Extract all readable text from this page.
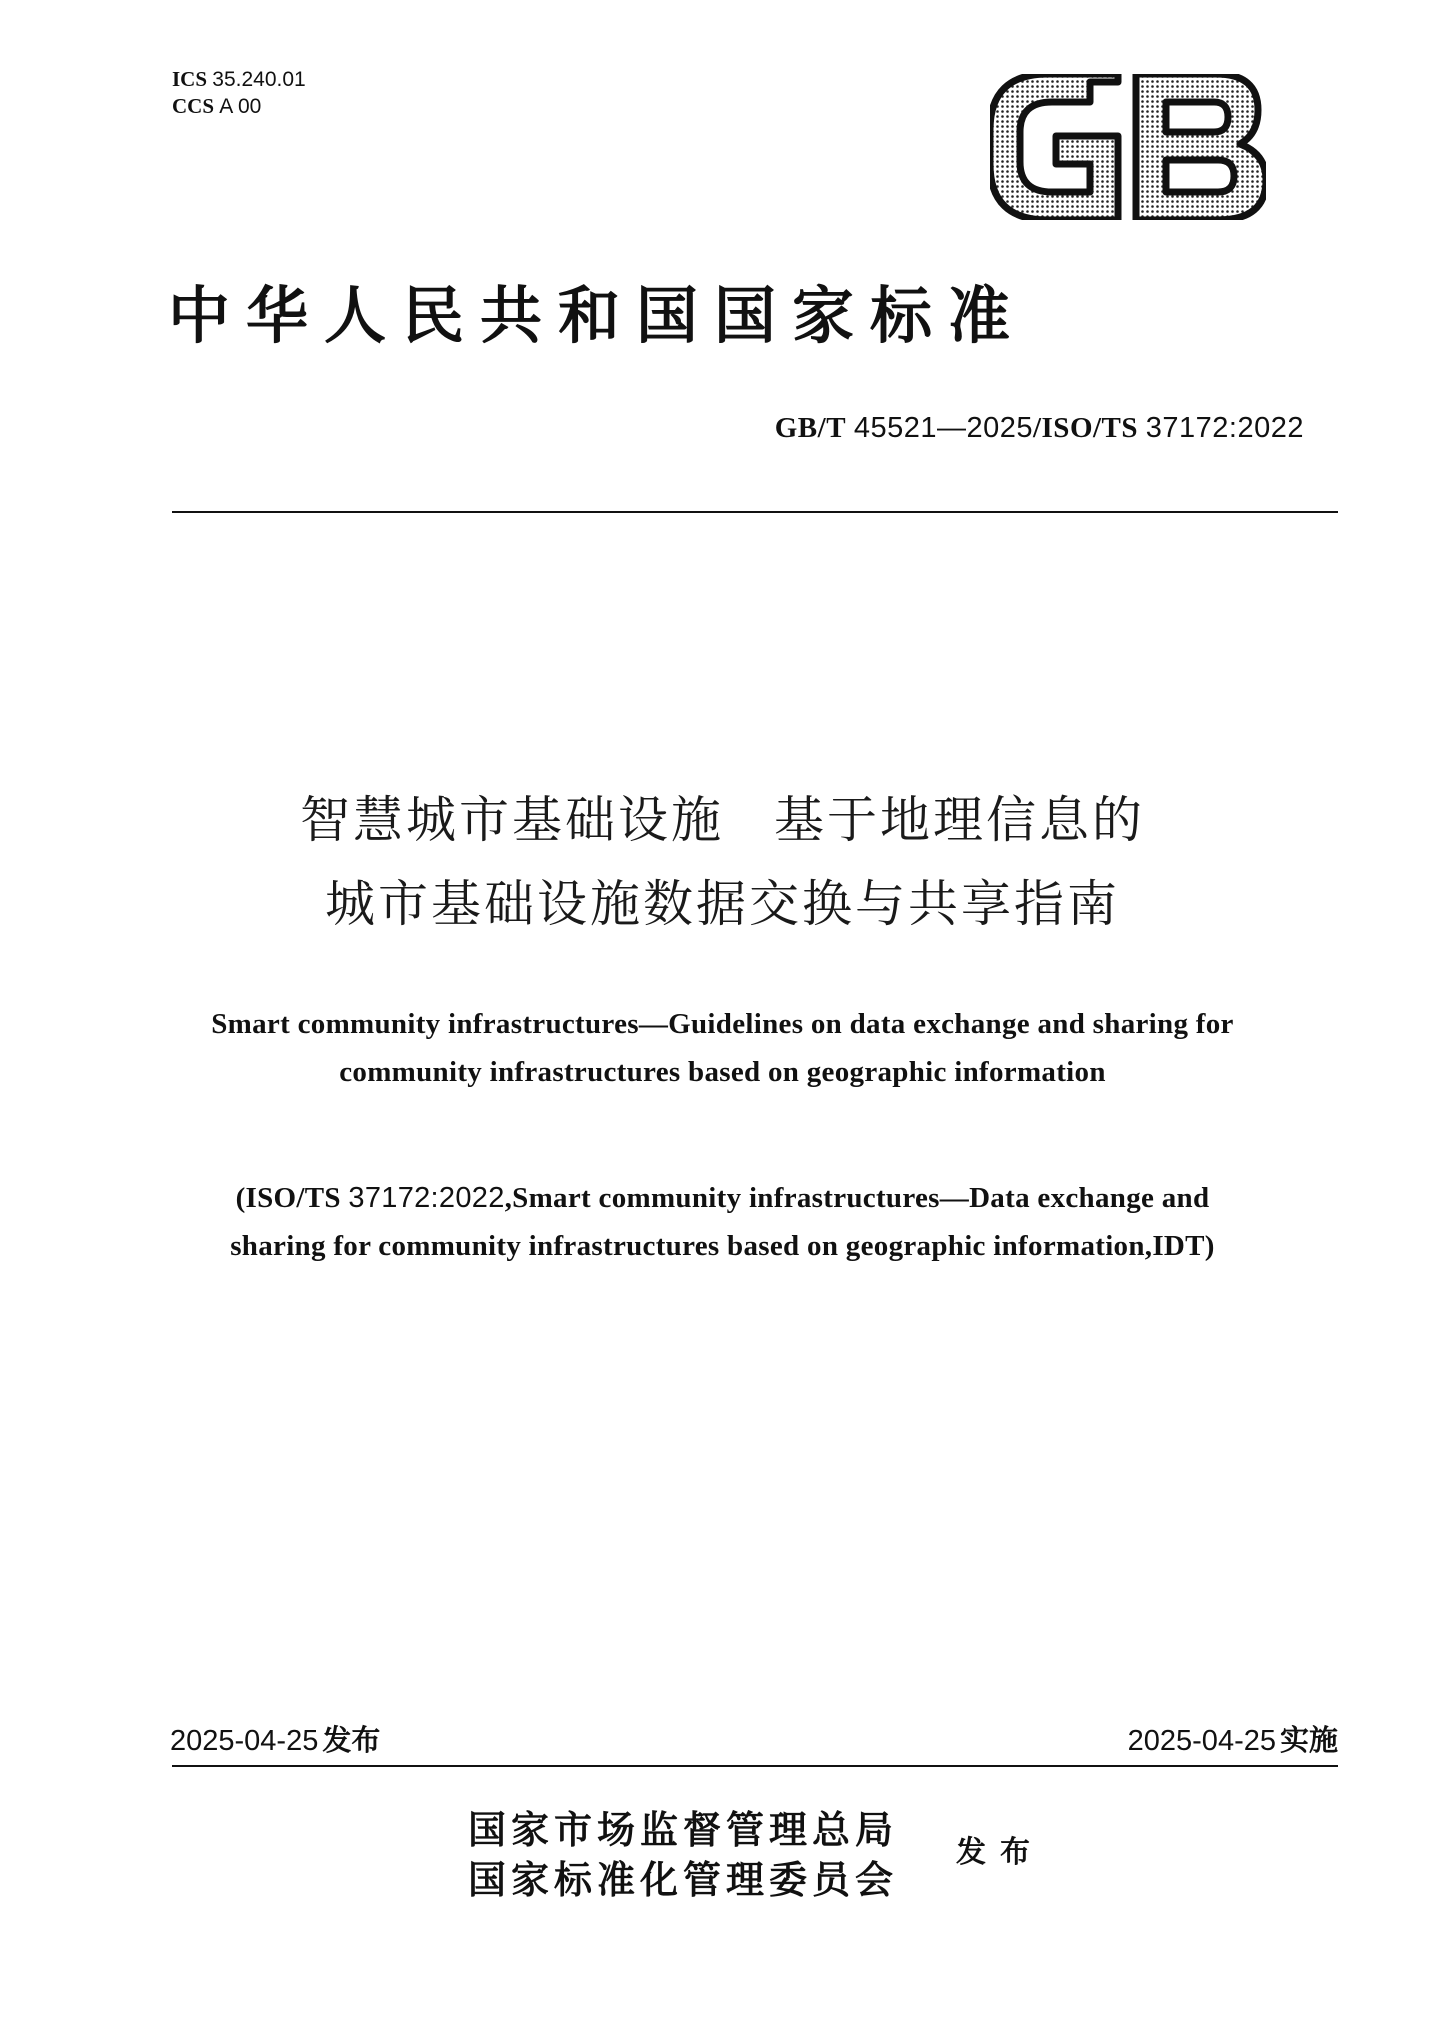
ICS 35.240.01
CCS A 00
中华人民共和国国家标准
GB/T 45521—2025/ISO/TS 37172:2022
智慧城市基础设施 基于地理信息的
城市基础设施数据交换与共享指南
Smart community infrastructures—Guidelines on data exchange and sharing for
community infrastructures based on geographic information
(ISO/TS 37172:2022,Smart community infrastructures—Data exchange and
sharing for community infrastructures based on geographic information,IDT)
2025-04-25 发布	2025-04-25 实施
国家市场监督管理总局
国家标准化管理委员会
发布
